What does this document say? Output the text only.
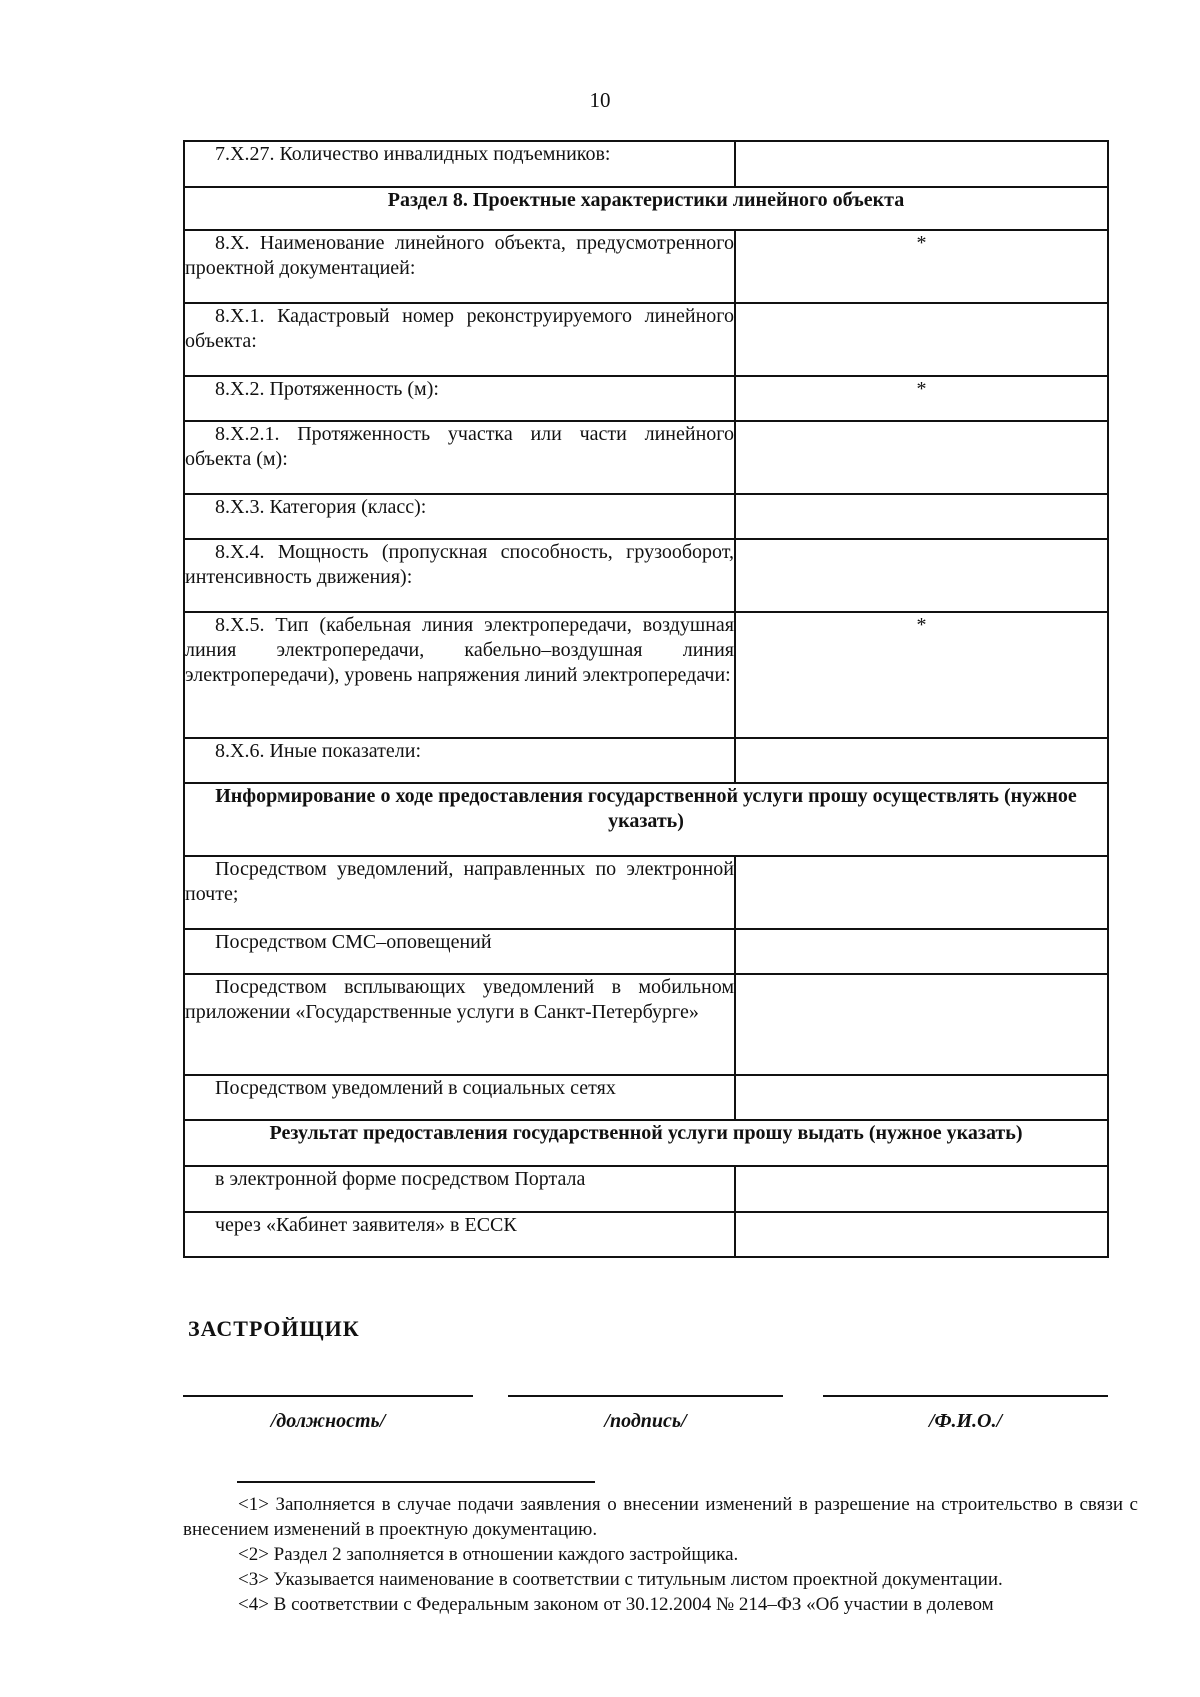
10
7.X.27. Количество инвалидных подъемников:	

Раздел 8. Проектные характеристики линейного объекта	

8.X. Наименование линейного объекта, предусмотренного проектной документацией:	*

8.X.1. Кадастровый номер реконструируемого линейного объекта:	

8.X.2. Протяженность (м):	*

8.X.2.1. Протяженность участка или части линейного объекта (м):	

8.X.3. Категория (класс):	

8.X.4. Мощность (пропускная способность, грузооборот, интенсивность движения):	

8.X.5. Тип (кабельная линия электропередачи, воздушная линия электропередачи, кабельно–воздушная линия электропередачи), уровень напряжения линий электропередачи:	*

8.X.6. Иные показатели:	

Информирование о ходе предоставления государственной услуги прошу осуществлять (нужное указать)	

Посредством уведомлений, направленных по электронной почте;	

Посредством СМС–оповещений	

Посредством всплывающих уведомлений в мобильном приложении «Государственные услуги в Санкт-Петербурге»	

Посредством уведомлений в социальных сетях	

Результат предоставления государственной услуги прошу выдать (нужное указать)	

в электронной форме посредством Портала	

через «Кабинет заявителя» в ЕССК	

ЗАСТРОЙЩИК
/должность/	/подпись/	/Ф.И.О./

<1> Заполняется в случае подачи заявления о внесении изменений в разрешение на строительство в связи с внесением изменений в проектную документацию.

<2> Раздел 2 заполняется в отношении каждого застройщика.

<3> Указывается наименование в соответствии с титульным листом проектной документации.

<4> В соответствии с Федеральным законом от 30.12.2004 № 214–ФЗ «Об участии в долевом
